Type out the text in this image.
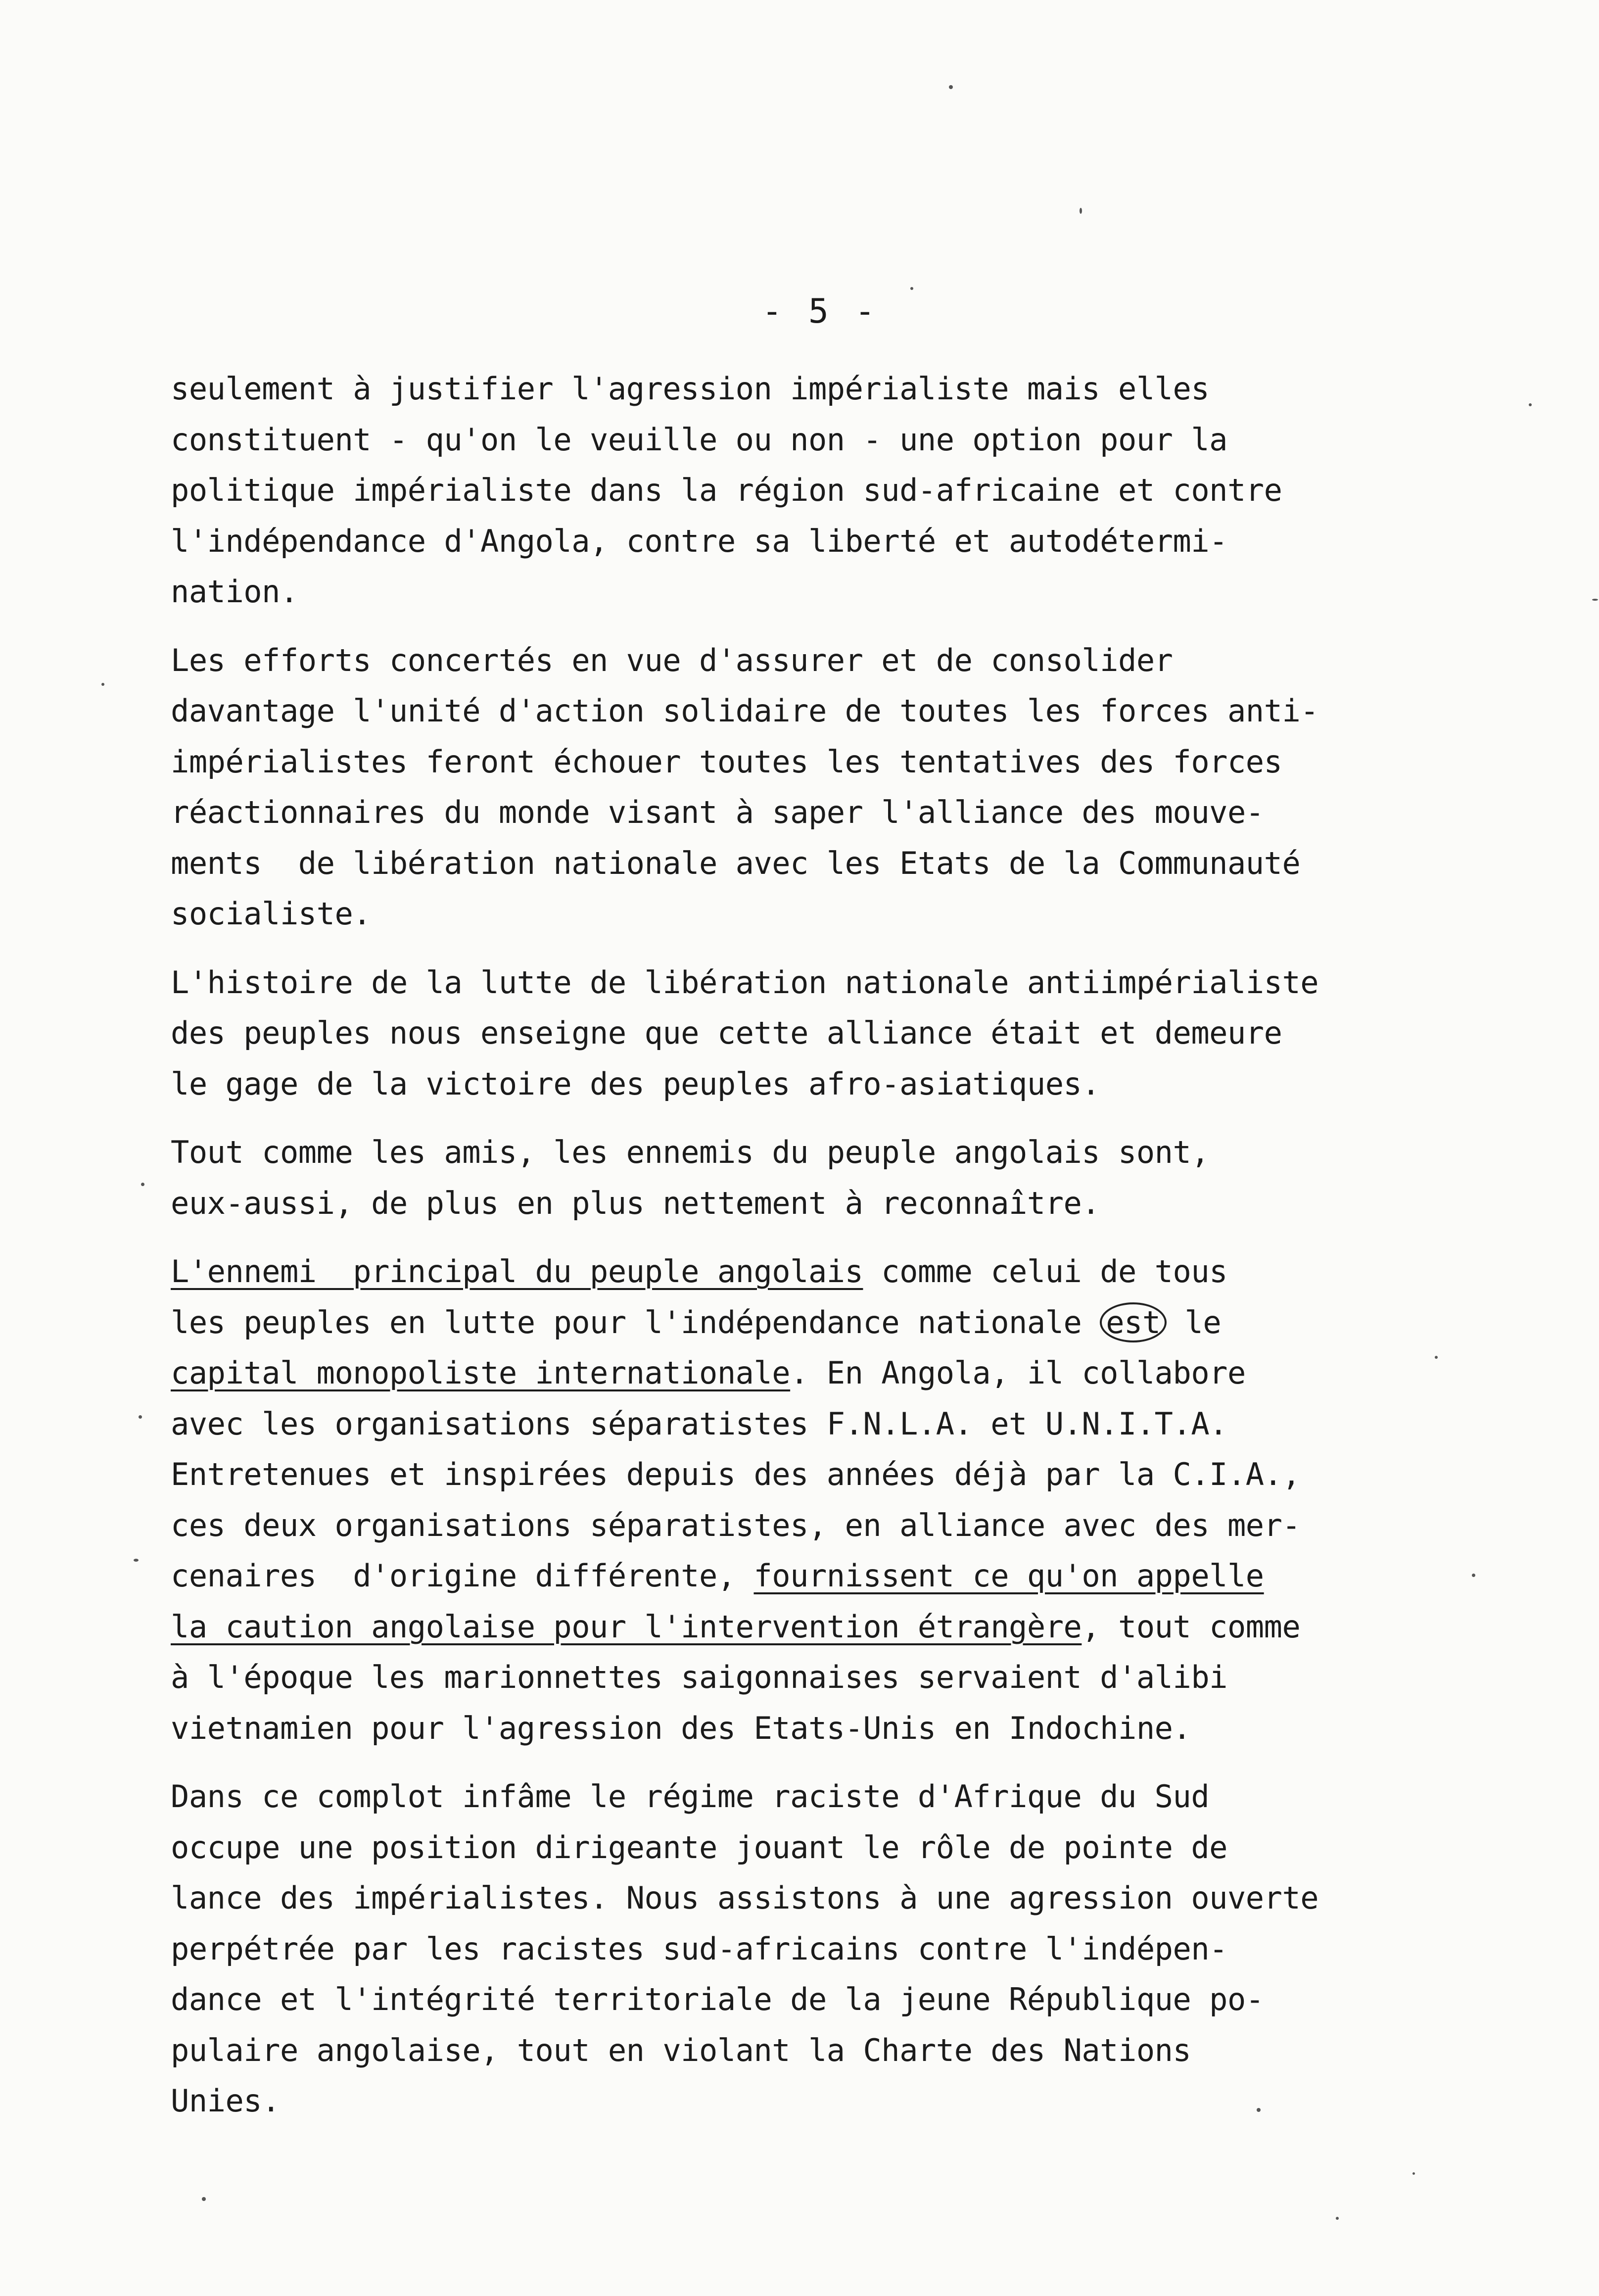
- 5 -
seulement à justifier l'agression impérialiste mais elles
constituent - qu'on le veuille ou non - une option pour la
politique impérialiste dans la région sud-africaine et contre
l'indépendance d'Angola, contre sa liberté et autodétermi-
nation.
Les efforts concertés en vue d'assurer et de consolider
davantage l'unité d'action solidaire de toutes les forces anti-
impérialistes feront échouer toutes les tentatives des forces
réactionnaires du monde visant à saper l'alliance des mouve-
ments  de libération nationale avec les Etats de la Communauté
socialiste.
L'histoire de la lutte de libération nationale antiimpérialiste
des peuples nous enseigne que cette alliance était et demeure
le gage de la victoire des peuples afro-asiatiques.
Tout comme les amis, les ennemis du peuple angolais sont,
eux-aussi, de plus en plus nettement à reconnaître.
L'ennemi  principal du peuple angolais comme celui de tous
les peuples en lutte pour l'indépendance nationale est le
capital monopoliste internationale. En Angola, il collabore
avec les organisations séparatistes F.N.L.A. et U.N.I.T.A.
Entretenues et inspirées depuis des années déjà par la C.I.A.,
ces deux organisations séparatistes, en alliance avec des mer-
cenaires  d'origine différente, fournissent ce qu'on appelle
la caution angolaise pour l'intervention étrangère, tout comme
à l'époque les marionnettes saigonnaises servaient d'alibi
vietnamien pour l'agression des Etats-Unis en Indochine.
Dans ce complot infâme le régime raciste d'Afrique du Sud
occupe une position dirigeante jouant le rôle de pointe de
lance des impérialistes. Nous assistons à une agression ouverte
perpétrée par les racistes sud-africains contre l'indépen-
dance et l'intégrité territoriale de la jeune République po-
pulaire angolaise, tout en violant la Charte des Nations
Unies.
